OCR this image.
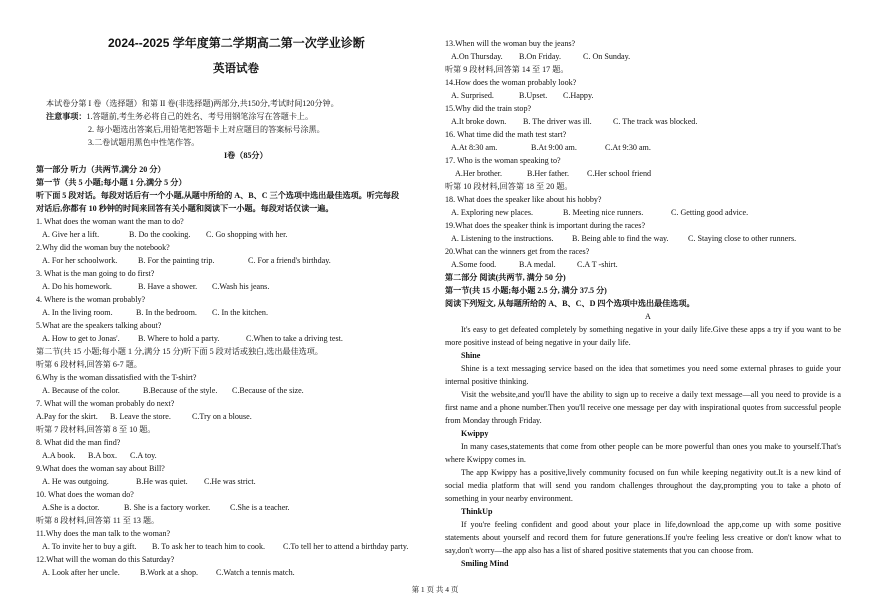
2024--2025 学年度第二学期高二第一次学业诊断
英语试卷
本试卷分第 I 卷（选择题）和第 II 卷(非选择题)两部分,共150分,考试时间120分钟。
注意事项：1.答题前,考生务必将自己的姓名、考号用钢笔涂写在答题卡上。
2. 每小题选出答案后,用铅笔把答题卡上对应题目的答案标号涂黑。
3.二卷试题用黑色中性笔作答。
I卷（85分）
第一部分 听力（共两节,满分 20 分）
第一节（共 5 小题;每小题 1 分,满分 5 分）
听下面 5 段对话。每段对话后有一个小题,从题中所给的 A、B、C 三个选项中选出最佳选项。听完每段
对话后,你都有 10 秒钟的时间来回答有关小题和阅读下一小题。每段对话仅读一遍。
1. What does the woman want the man to do?
A. Give her a lift.	B. Do the cooking. C. Go shopping with her.
2.Why did the woman buy the notebook?
A. For her schoolwork.	B. For the painting trip.	C. For a friend's birthday.
3. What is the man going to do first?
A. Do his homework.	B. Have a shower. C.Wash his jeans.
4. Where is the woman probably?
A. In the living room.	B. In the bedroom. C. In the kitchen.
5.What are the speakers talking about?
A. How to get to Jonas'. B. Where to hold a party.	C.When to take a driving test.
第二节(共 15 小题;每小题 1 分,满分 15 分)听下面 5 段对话或独白,选出最佳选项。
听第 6 段材料,回答第 6-7 题。
6.Why is the woman dissatisfied with the T-shirt?
A. Because of the color.	B.Because of the style. C.Because of the size.
7. What will the woman probably do next?
A.Pay for the skirt. B. Leave the store.	C.Try on a blouse.
听第 7 段材料,回答第 8 至 10 题。
8. What did the man find?
A.A book. B.A box. C.A toy.
9.What does the woman say about Bill?
A. He was outgoing.	B.He was quiet. C.He was strict.
10. What does the woman do?
A.She is a doctor.	B. She is a factory worker. C.She is a teacher.
听第 8 段材料,回答第 11 至 13 题。
11.Why does the man talk to the woman?
A. To invite her to buy a gift. B. To ask her to teach him to cook. C.To tell her to attend a birthday party.
12.What will the woman do this Saturday?
A. Look after her uncle. B.Work at a shop. C.Watch a tennis match.
13.When will the woman buy the jeans?
A.On Thursday. B.On Friday.	C. On Sunday.
听第 9 段材料,回答第 14 至 17 题。
14.How does the woman probably look?
A. Surprised.	B.Upset. C.Happy.
15.Why did the train stop?
A.It broke down. B. The driver was ill.	C. The track was blocked.
16. What time did the math test start?
A.At 8:30 am.	B.At 9:00 am.	C.At 9:30 am.
17. Who is the woman speaking to?
A.Her brother.	B.Her father. C.Her school friend
听第 10 段材料,回答第 18 至 20 题。
18. What does the speaker like about his hobby?
A. Exploring new places.	B. Meeting nice runners.	C. Getting good advice.
19.What does the speaker think is important during the races?
A. Listening to the instructions. B. Being able to find the way. C. Staying close to other runners.
20.What can the winners get from the races?
A.Some food.	B.A medal.	C.A T -shirt.
第二部分 阅读(共两节, 满分 50 分)
第一节(共 15 小题;每小题 2.5 分, 满分 37.5 分)
阅读下列短文, 从每题所给的 A、B、C、D 四个选项中选出最佳选项。
A
It's easy to get defeated completely by something negative in your daily life.Give these apps a try if you want to be more positive instead of being negative in your daily life.
Shine
Shine is a text messaging service based on the idea that sometimes you need some external phrases to guide your internal positive thinking.
Visit the website,and you'll have the ability to sign up to receive a daily text message—all you need to provide is a first name and a phone number.Then you'll receive one message per day with inspirational quotes from successful people from Monday through Friday.
Kwippy
In many cases,statements that come from other people can be more powerful than ones you make to yourself.That's where Kwippy comes in.
The app Kwippy has a positive,lively community focused on fun while keeping negativity out.It is a new kind of social media platform that will send you random challenges throughout the day,prompting you to take a photo of something in your nearby environment.
ThinkUp
If you're feeling confident and good about your place in life,download the app,come up with some positive statements about yourself and record them for future generations.If you're feeling less creative or don't know what to say,don't worry—the app also has a list of shared positive statements that you can choose from.
Smiling Mind
第 1 页 共 4 页
